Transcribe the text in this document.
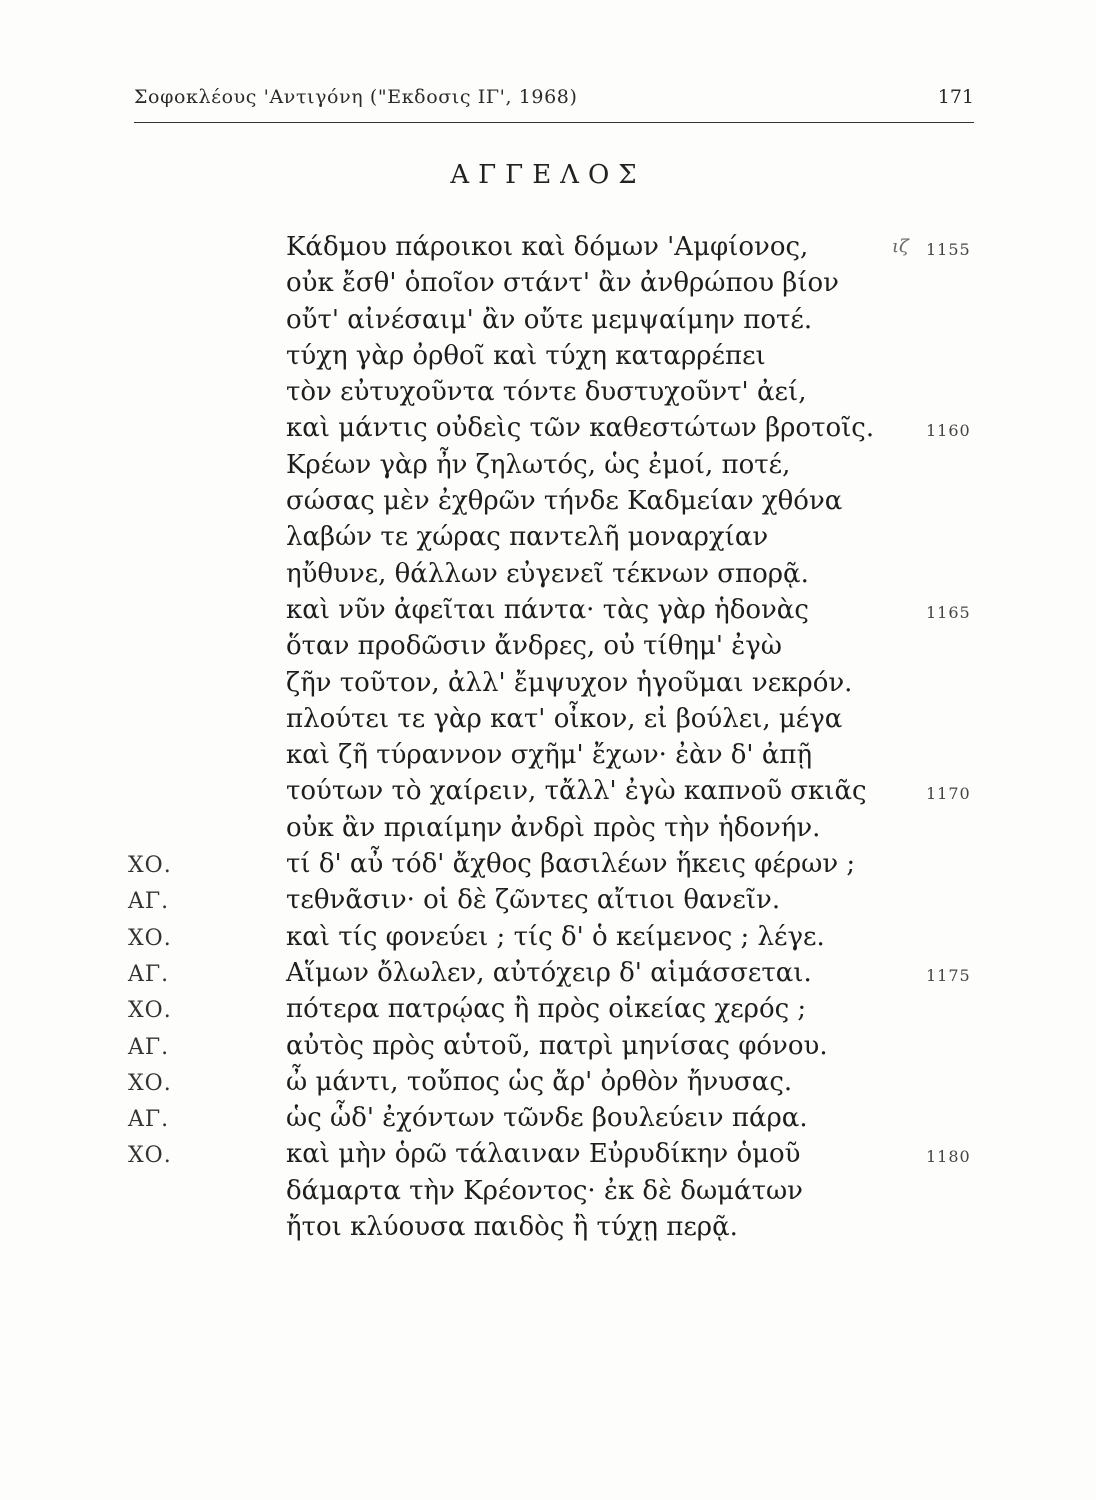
Σοφοκλέους 'Αντιγόνη ("Εκδοσις ΙΓ', 1968)	171
ΑΓΓΕΛΟΣ
Κάδμου πάροικοι καὶ δόμων 'Αμφίονος,	ιζ 1155
οὐκ ἔσθ' ὁποῖον στάντ' ἂν ἀνθρώπου βίον
οὔτ' αἰνέσαιμ' ἂν οὔτε μεμψαίμην ποτέ.
τύχη γὰρ ὀρθοῖ καὶ τύχη καταρρέπει
τὸν εὐτυχοῦντα τόντε δυστυχοῦντ' ἀεί,
καὶ μάντις οὐδεὶς τῶν καθεστώτων βροτοῖς.	1160
Κρέων γὰρ ἦν ζηλωτός, ὡς ἐμοί, ποτέ,
σώσας μὲν ἐχθρῶν τήνδε Καδμείαν χθόνα
λαβών τε χώρας παντελῆ μοναρχίαν
ηὔθυνε, θάλλων εὐγενεῖ τέκνων σπορᾷ.
καὶ νῦν ἀφεῖται πάντα· τὰς γὰρ ἡδονὰς	1165
ὅταν προδῶσιν ἄνδρες, οὐ τίθημ' ἐγὼ
ζῆν τοῦτον, ἀλλ' ἔμψυχον ἡγοῦμαι νεκρόν.
πλούτει τε γὰρ κατ' οἶκον, εἰ βούλει, μέγα
καὶ ζῆ τύραννον σχῆμ' ἔχων· ἐὰν δ' ἀπῇ
τούτων τὸ χαίρειν, τἄλλ' ἐγὼ καπνοῦ σκιᾶς	1170
οὐκ ἂν πριαίμην ἀνδρὶ πρὸς τὴν ἡδονήν.
ΧΟ.	τί δ' αὖ τόδ' ἄχθος βασιλέων ἥκεις φέρων ;
ΑΓ.	τεθνᾶσιν· οἱ δὲ ζῶντες αἴτιοι θανεῖν.
ΧΟ.	καὶ τίς φονεύει ; τίς δ' ὁ κείμενος ; λέγε.
ΑΓ.	Αἵμων ὄλωλεν, αὐτόχειρ δ' αἱμάσσεται.	1175
ΧΟ.	πότερα πατρῴας ἢ πρὸς οἰκείας χερός ;
ΑΓ.	αὐτὸς πρὸς αὑτοῦ, πατρὶ μηνίσας φόνου.
ΧΟ.	ὦ μάντι, τοὔπος ὡς ἄρ' ὀρθὸν ἤνυσας.
ΑΓ.	ὡς ὧδ' ἐχόντων τῶνδε βουλεύειν πάρα.
ΧΟ.	καὶ μὴν ὁρῶ τάλαιναν Εὐρυδίκην ὁμοῦ	1180
δάμαρτα τὴν Κρέοντος· ἐκ δὲ δωμάτων
ἤτοι κλύουσα παιδὸς ἢ τύχῃ περᾷ.
